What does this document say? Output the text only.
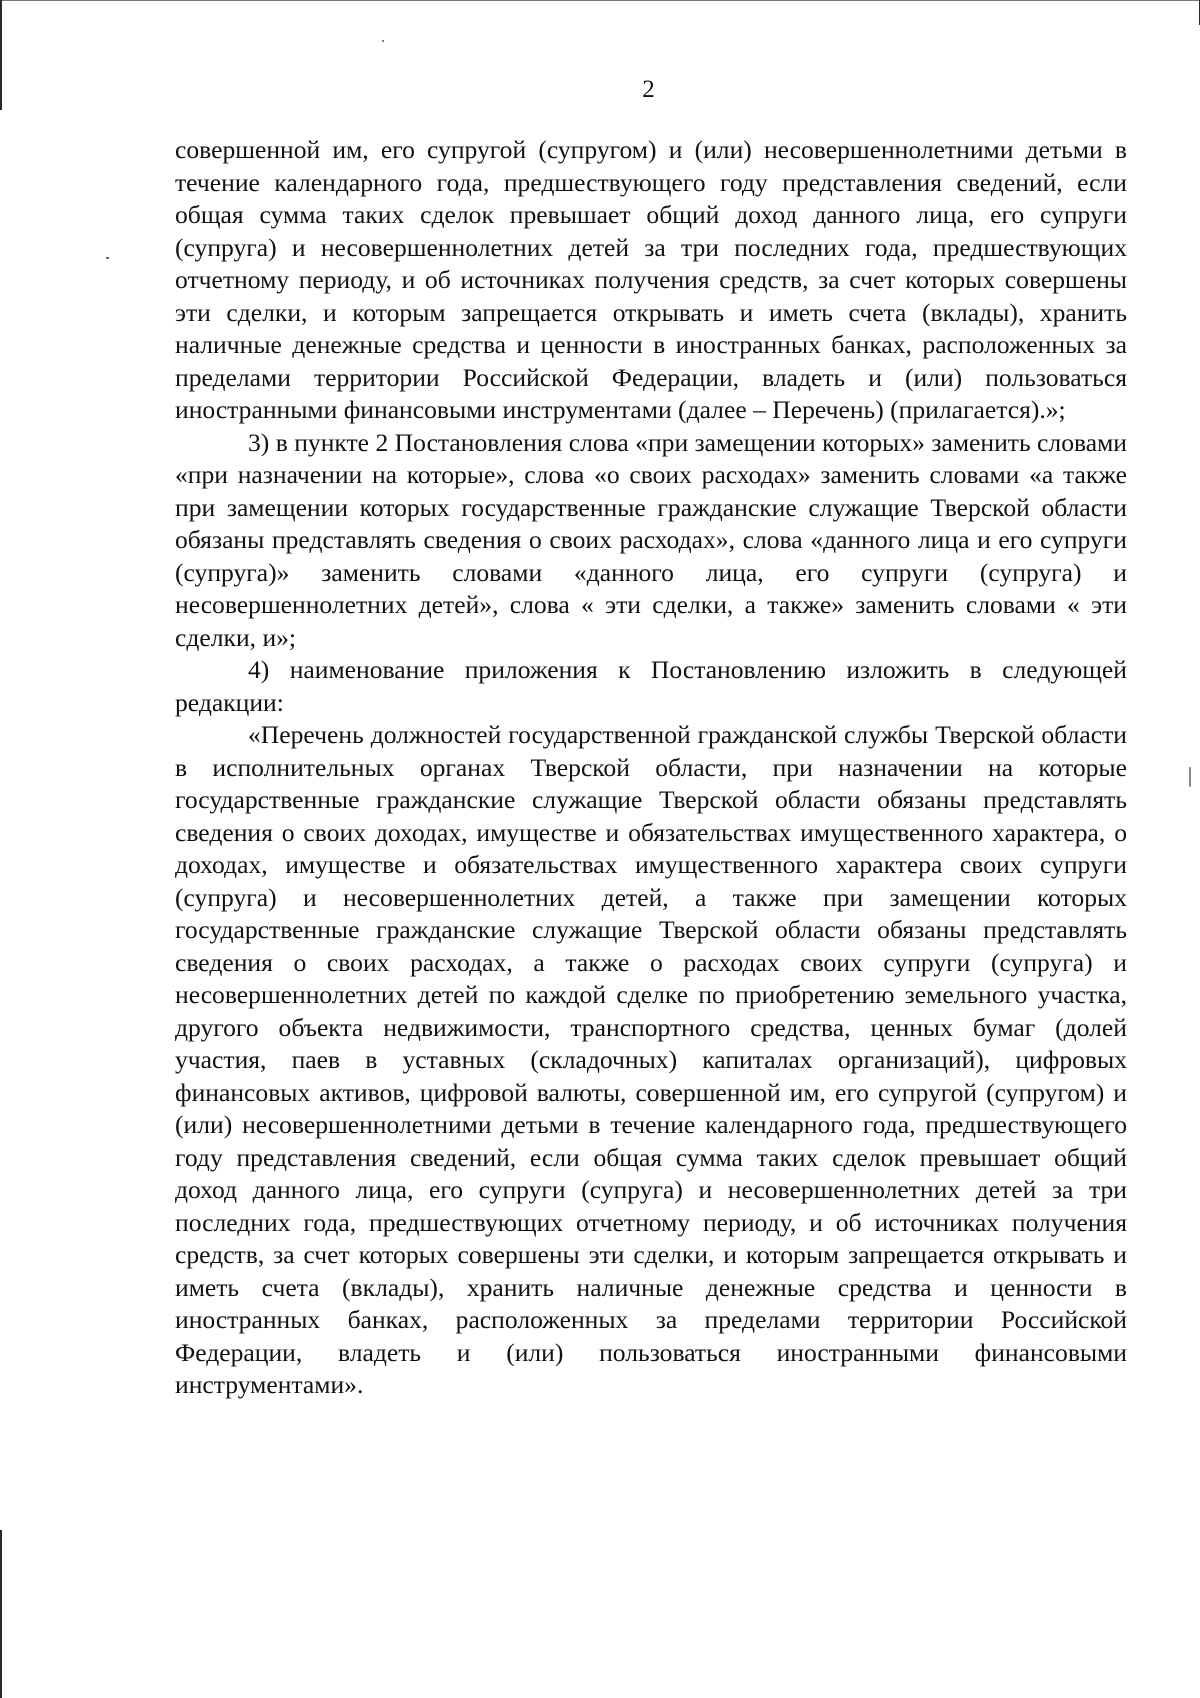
2

совершенной им, его супругой (супругом) и (или) несовершеннолетними детьми в течение календарного года, предшествующего году представления сведений, если общая сумма таких сделок превышает общий доход данного лица, его супруги (супруга) и несовершеннолетних детей за три последних года, предшествующих отчетному периоду, и об источниках получения средств, за счет которых совершены эти сделки, и которым запрещается открывать и иметь счета (вклады), хранить наличные денежные средства и ценности в иностранных банках, расположенных за пределами территории Российской Федерации, владеть и (или) пользоваться иностранными финансовыми инструментами (далее – Перечень) (прилагается).»;

3) в пункте 2 Постановления слова «при замещении которых» заменить словами «при назначении на которые», слова «о своих расходах» заменить словами «а также при замещении которых государственные гражданские служащие Тверской области обязаны представлять сведения о своих расходах», слова «данного лица и его супруги (супруга)» заменить словами «данного лица, его супруги (супруга) и несовершеннолетних детей», слова « эти сделки, а также» заменить словами « эти сделки, и»;

4) наименование приложения к Постановлению изложить в следующей редакции:

«Перечень должностей государственной гражданской службы Тверской области в исполнительных органах Тверской области, при назначении на которые государственные гражданские служащие Тверской области обязаны представлять сведения о своих доходах, имуществе и обязательствах имущественного характера, о доходах, имуществе и обязательствах имущественного характера своих супруги (супруга) и несовершеннолетних детей, а также при замещении которых государственные гражданские служащие Тверской области обязаны представлять сведения о своих расходах, а также о расходах своих супруги (супруга) и несовершеннолетних детей по каждой сделке по приобретению земельного участка, другого объекта недвижимости, транспортного средства, ценных бумаг (долей участия, паев в уставных (складочных) капиталах организаций), цифровых финансовых активов, цифровой валюты, совершенной им, его супругой (супругом) и (или) несовершеннолетними детьми в течение календарного года, предшествующего году представления сведений, если общая сумма таких сделок превышает общий доход данного лица, его супруги (супруга) и несовершеннолетних детей за три последних года, предшествующих отчетному периоду, и об источниках получения средств, за счет которых совершены эти сделки, и которым запрещается открывать и иметь счета (вклады), хранить наличные денежные средства и ценности в иностранных банках, расположенных за пределами территории Российской Федерации, владеть и (или) пользоваться иностранными финансовыми инструментами».
